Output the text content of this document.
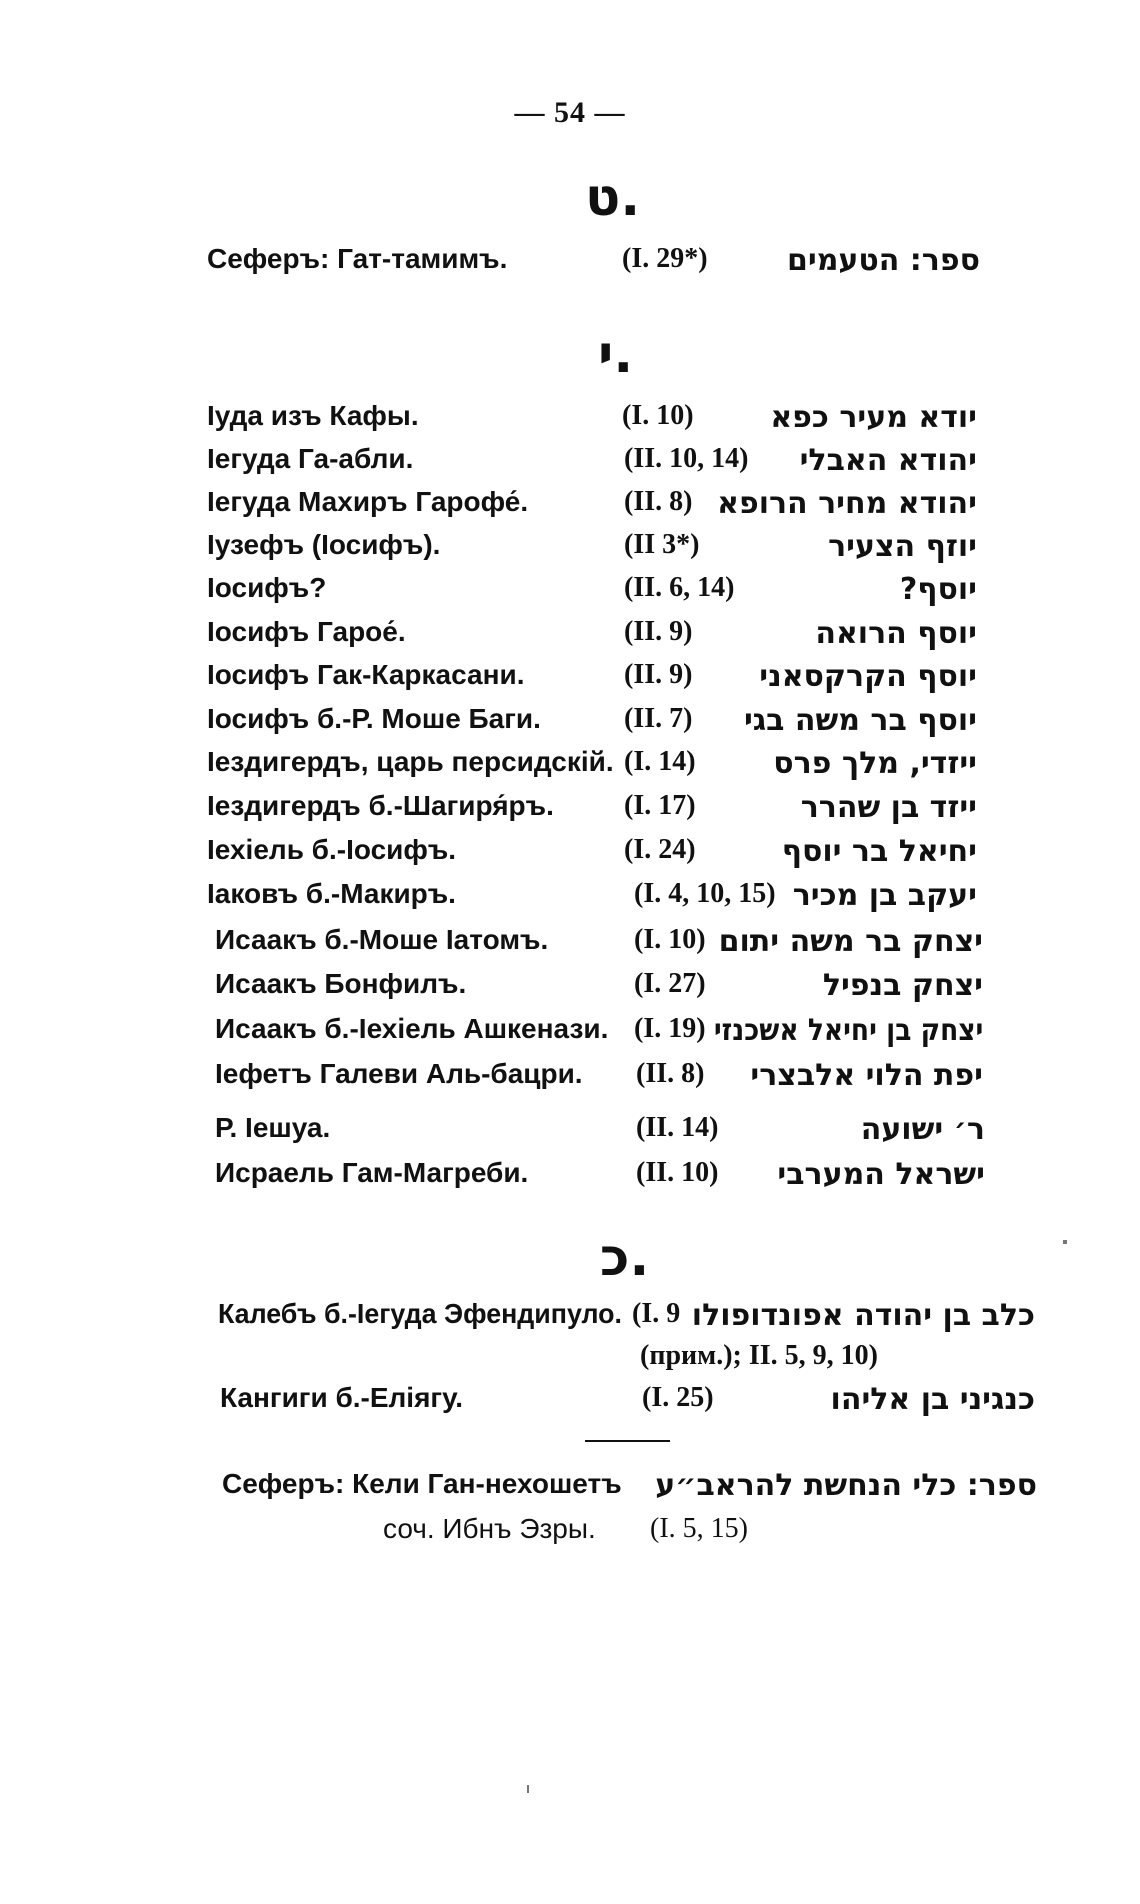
— 54 —
ט.
Сеферъ: Гат-тамимъ.	(I. 29*)	ספר: הטעמים
י.
Іуда изъ Кафы.	(I. 10)	יודא מעיר כפא
Іегуда Га-абли.	(II. 10, 14) יהודא האבלי
Іегуда Махиръ Гарофе́.	(II. 8) יהודא מחיר הרופא
Іузефъ (Іосифъ).	(II 3*)	יוזף הצעיר
Іосифъ?	(II. 6, 14)	יוסף?
Іосифъ Гарое́.	(II. 9)	יוסף הרואה
Іосифъ Гак-Каркасани.	(II. 9) יוסף הקרקסאני
Іосифъ б.-Р. Моше Баги.	(II. 7) יוסף בר משה בגי
Іездигердъ, царь персидскій. (I. 14)	ייזדי, מלך פרס
Іездигердъ б.-Шагиря́ръ.	(I. 17)	ייזד בן שהרר
Іехіель б.-Іосифъ.	(I. 24)	יחיאל בר יוסף
Іаковъ б.-Макиръ.	(I. 4, 10, 15) יעקב בן מכיר
Исаакъ б.-Моше Іатомъ.	(I. 10) יצחק בר משה יתום
Исаакъ Бонфилъ.	(I. 27)	יצחק בנפיל
Исаакъ б.-Іехіель Ашкенази. (I. 19) יצחק בן יחיאל אשכנזי
Іефетъ Галеви Аль-бацри. (II. 8) יפת הלוי אלבצרי
Р. Іешуа.	(II. 14)	ר׳ ישועה
Исраель Гам-Магреби.	(II. 10) ישראל המערבי
כ.
Калебъ б.-Іегуда Эфендипуло. (I. 9 כלב בן יהודה אפונדופולו
(прим.); II. 5, 9, 10)
Кангиги б.-Еліягу.	(I. 25)	כנגיני בן אליהו
Сеферъ: Кели Ган-нехошетъ ספר: כלי הנחשת להראב״ע
соч. Ибнъ Эзры. (I. 5, 15)
